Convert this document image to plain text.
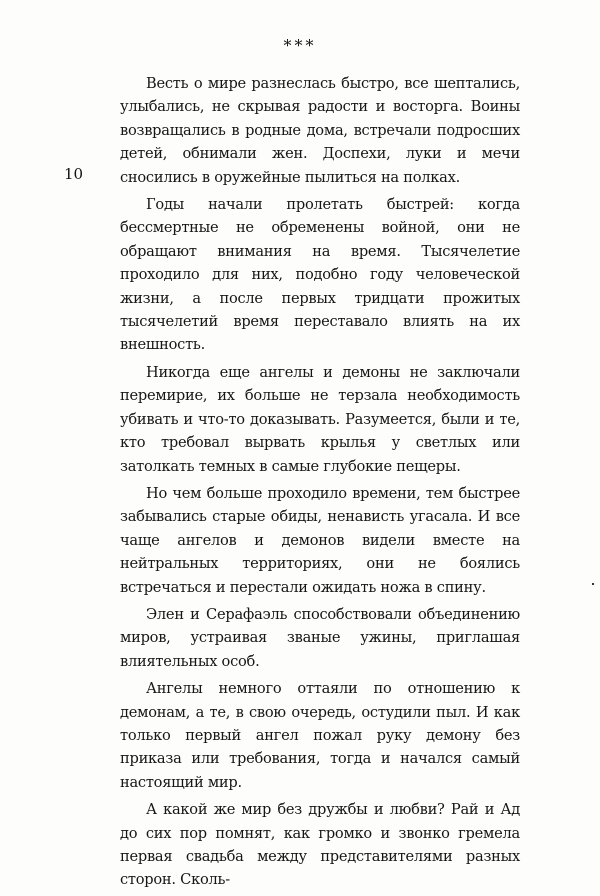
***
10

Весть о мире разнеслась быстро, все шептались, улыбались, не скрывая радости и восторга. Воины возвращались в родные дома, встречали подросших детей, обнимали жен. Доспехи, луки и мечи сносились в оружейные пылиться на полках.

Годы начали пролетать быстрей: когда бессмертные не обременены войной, они не обращают внимания на время. Тысячелетие проходило для них, подобно году человеческой жизни, а после первых тридцати прожитых тысячелетий время переставало влиять на их внешность.

Никогда еще ангелы и демоны не заключали перемирие, их больше не терзала необходимость убивать и что-то доказывать. Разумеется, были и те, кто требовал вырвать крылья у светлых или затолкать темных в самые глубокие пещеры.

Но чем больше проходило времени, тем быстрее забывались старые обиды, ненависть угасала. И все чаще ангелов и демонов видели вместе на нейтральных территориях, они не боялись встречаться и перестали ожидать ножа в спину.

Элен и Серафаэль способствовали объединению миров, устраивая званые ужины, приглашая влиятельных особ.

Ангелы немного оттаяли по отношению к демонам, а те, в свою очередь, остудили пыл. И как только первый ангел пожал руку демону без приказа или требования, тогда и начался самый настоящий мир.

А какой же мир без дружбы и любви? Рай и Ад до сих пор помнят, как громко и звонко гремела первая свадьба между представителями разных сторон. Сколь-
